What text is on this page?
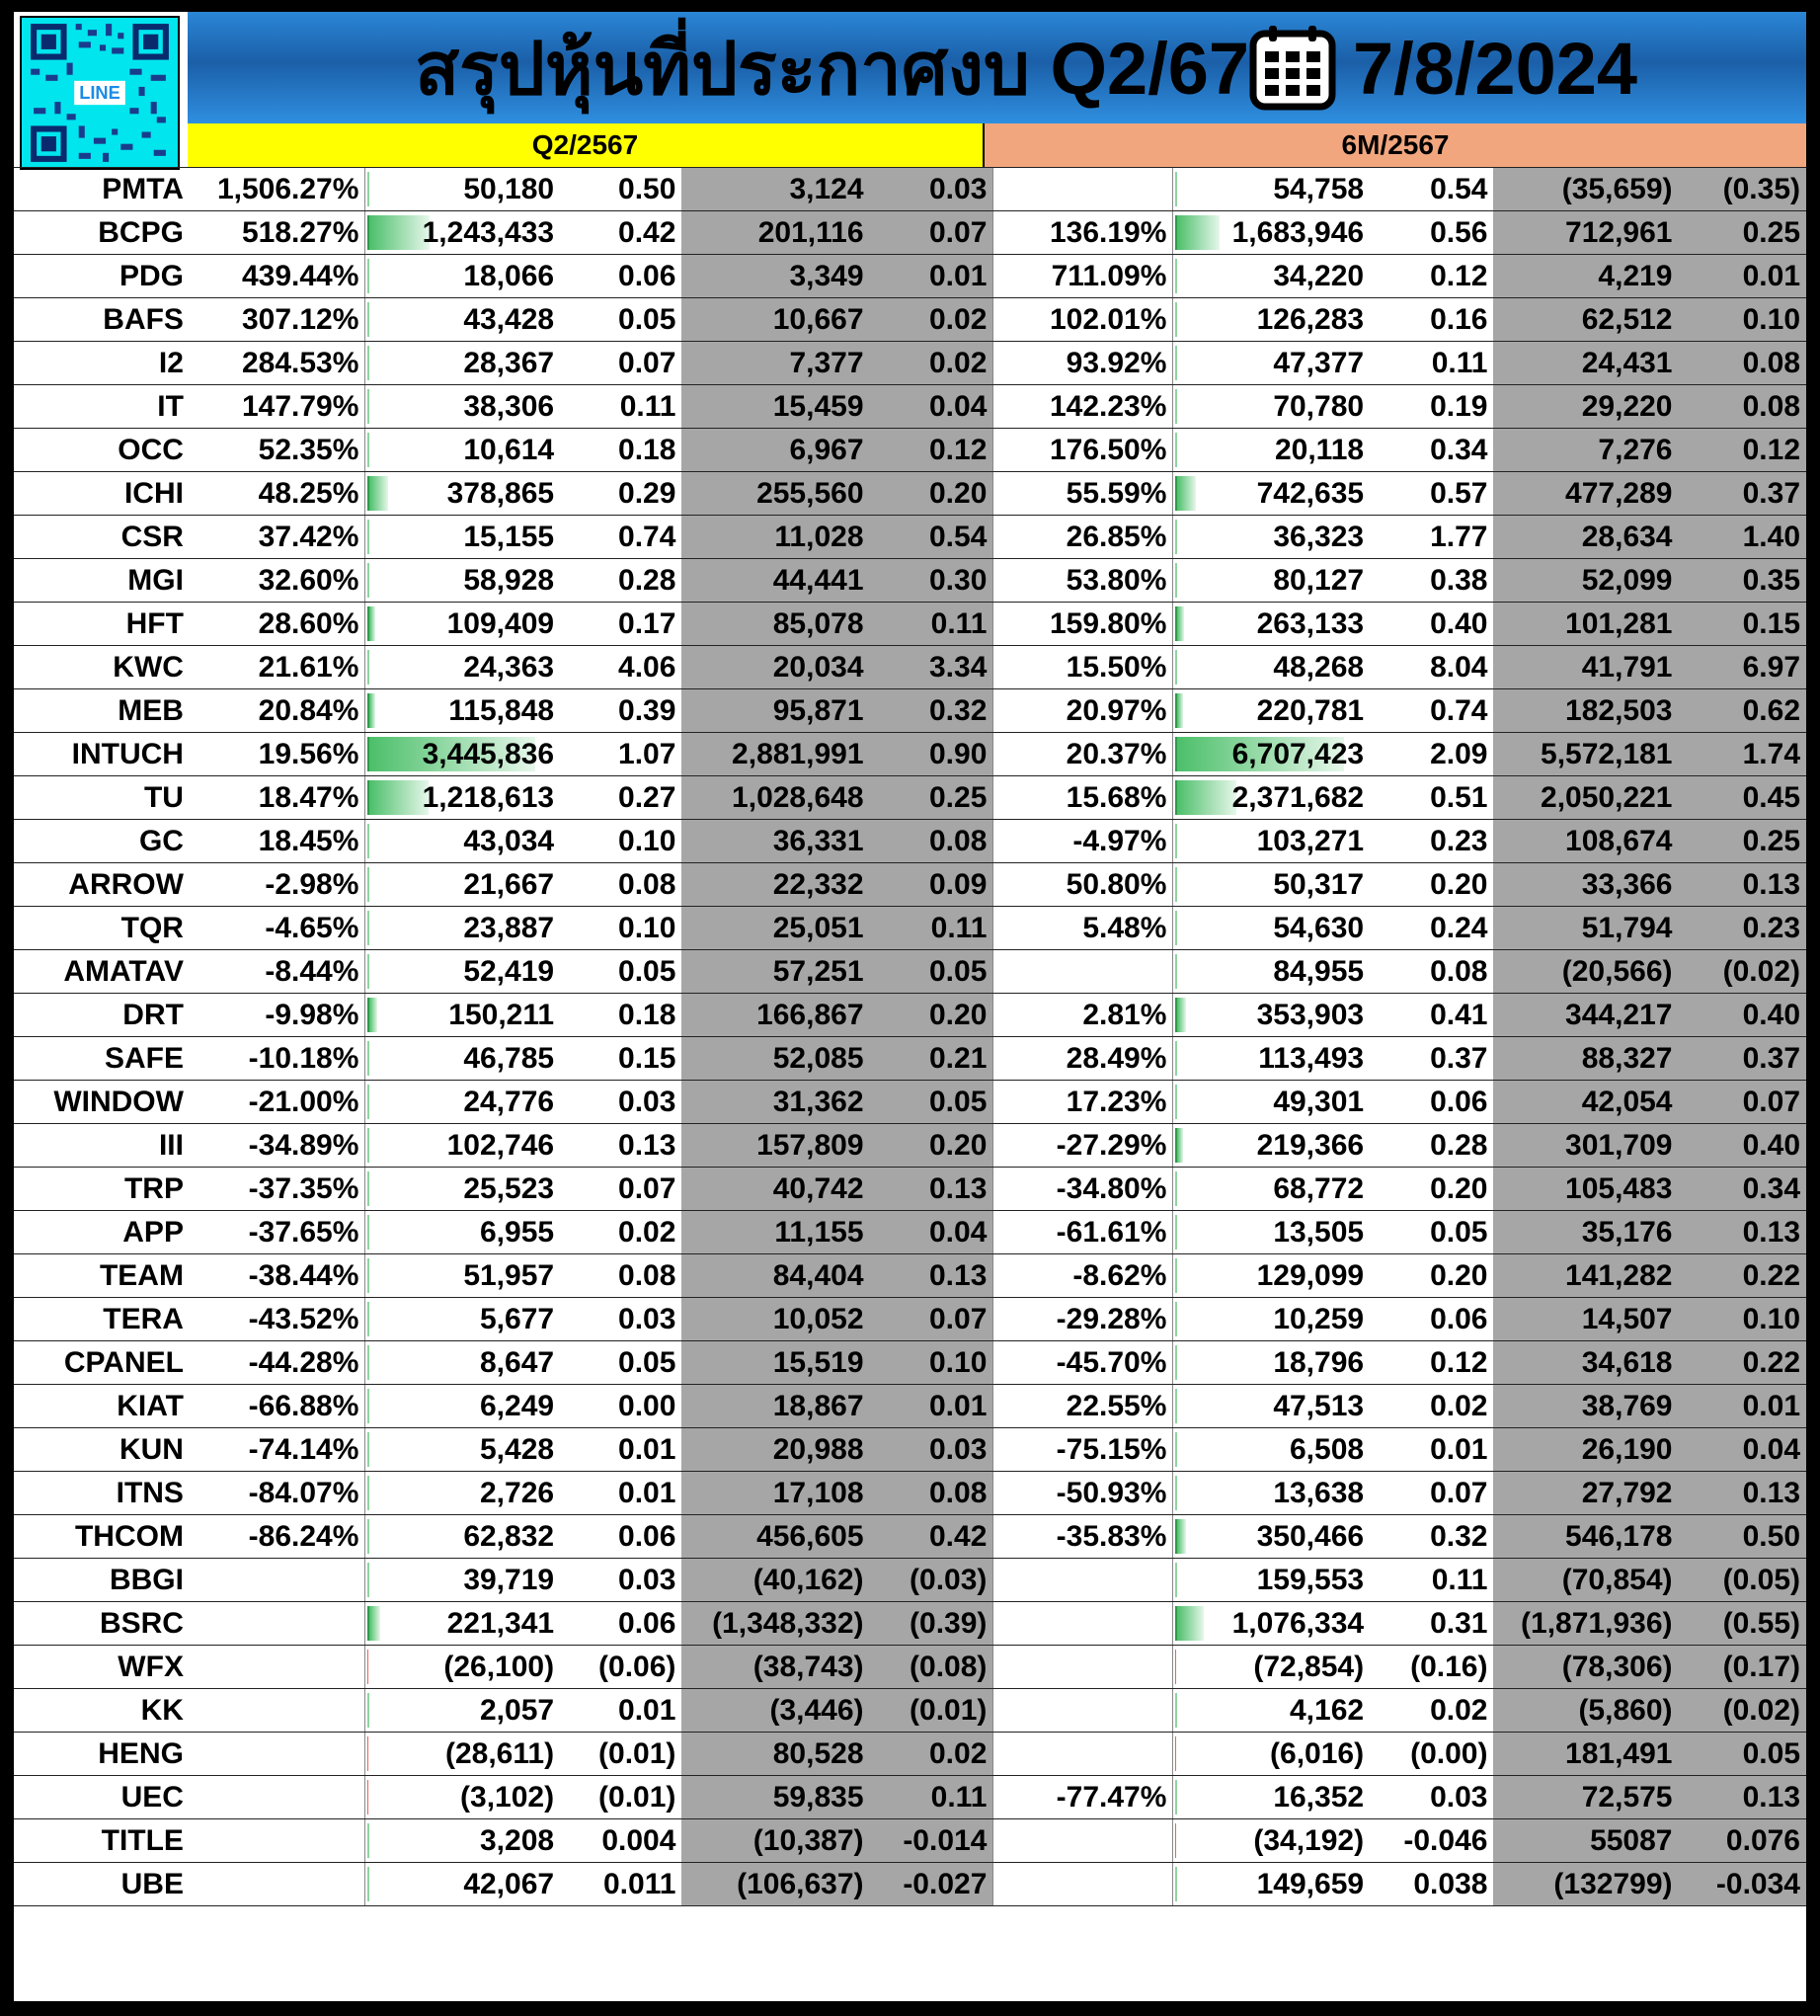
LINE	สรุปหุ้นที่ประกาศงบ Q2/67 7/8/2024
Q2/2567	6M/2567
PMTA	1,506.27%	50,180	0.50	3,124	0.03		54,758	0.54	(35,659)	(0.35)
BCPG	518.27%	1,243,433	0.42	201,116	0.07	136.19%	1,683,946	0.56	712,961	0.25
PDG	439.44%	18,066	0.06	3,349	0.01	711.09%	34,220	0.12	4,219	0.01
BAFS	307.12%	43,428	0.05	10,667	0.02	102.01%	126,283	0.16	62,512	0.10
I2	284.53%	28,367	0.07	7,377	0.02	93.92%	47,377	0.11	24,431	0.08
IT	147.79%	38,306	0.11	15,459	0.04	142.23%	70,780	0.19	29,220	0.08
OCC	52.35%	10,614	0.18	6,967	0.12	176.50%	20,118	0.34	7,276	0.12
ICHI	48.25%	378,865	0.29	255,560	0.20	55.59%	742,635	0.57	477,289	0.37
CSR	37.42%	15,155	0.74	11,028	0.54	26.85%	36,323	1.77	28,634	1.40
MGI	32.60%	58,928	0.28	44,441	0.30	53.80%	80,127	0.38	52,099	0.35
HFT	28.60%	109,409	0.17	85,078	0.11	159.80%	263,133	0.40	101,281	0.15
KWC	21.61%	24,363	4.06	20,034	3.34	15.50%	48,268	8.04	41,791	6.97
MEB	20.84%	115,848	0.39	95,871	0.32	20.97%	220,781	0.74	182,503	0.62
INTUCH	19.56%	3,445,836	1.07	2,881,991	0.90	20.37%	6,707,423	2.09	5,572,181	1.74
TU	18.47%	1,218,613	0.27	1,028,648	0.25	15.68%	2,371,682	0.51	2,050,221	0.45
GC	18.45%	43,034	0.10	36,331	0.08	-4.97%	103,271	0.23	108,674	0.25
ARROW	-2.98%	21,667	0.08	22,332	0.09	50.80%	50,317	0.20	33,366	0.13
TQR	-4.65%	23,887	0.10	25,051	0.11	5.48%	54,630	0.24	51,794	0.23
AMATAV	-8.44%	52,419	0.05	57,251	0.05		84,955	0.08	(20,566)	(0.02)
DRT	-9.98%	150,211	0.18	166,867	0.20	2.81%	353,903	0.41	344,217	0.40
SAFE	-10.18%	46,785	0.15	52,085	0.21	28.49%	113,493	0.37	88,327	0.37
WINDOW	-21.00%	24,776	0.03	31,362	0.05	17.23%	49,301	0.06	42,054	0.07
III	-34.89%	102,746	0.13	157,809	0.20	-27.29%	219,366	0.28	301,709	0.40
TRP	-37.35%	25,523	0.07	40,742	0.13	-34.80%	68,772	0.20	105,483	0.34
APP	-37.65%	6,955	0.02	11,155	0.04	-61.61%	13,505	0.05	35,176	0.13
TEAM	-38.44%	51,957	0.08	84,404	0.13	-8.62%	129,099	0.20	141,282	0.22
TERA	-43.52%	5,677	0.03	10,052	0.07	-29.28%	10,259	0.06	14,507	0.10
CPANEL	-44.28%	8,647	0.05	15,519	0.10	-45.70%	18,796	0.12	34,618	0.22
KIAT	-66.88%	6,249	0.00	18,867	0.01	22.55%	47,513	0.02	38,769	0.01
KUN	-74.14%	5,428	0.01	20,988	0.03	-75.15%	6,508	0.01	26,190	0.04
ITNS	-84.07%	2,726	0.01	17,108	0.08	-50.93%	13,638	0.07	27,792	0.13
THCOM	-86.24%	62,832	0.06	456,605	0.42	-35.83%	350,466	0.32	546,178	0.50
BBGI		39,719	0.03	(40,162)	(0.03)		159,553	0.11	(70,854)	(0.05)
BSRC		221,341	0.06	(1,348,332)	(0.39)		1,076,334	0.31	(1,871,936)	(0.55)
WFX		(26,100)	(0.06)	(38,743)	(0.08)		(72,854)	(0.16)	(78,306)	(0.17)
KK		2,057	0.01	(3,446)	(0.01)		4,162	0.02	(5,860)	(0.02)
HENG		(28,611)	(0.01)	80,528	0.02		(6,016)	(0.00)	181,491	0.05
UEC		(3,102)	(0.01)	59,835	0.11	-77.47%	16,352	0.03	72,575	0.13
TITLE		3,208	0.004	(10,387)	-0.014		(34,192)	-0.046	55087	0.076
UBE		42,067	0.011	(106,637)	-0.027		149,659	0.038	(132799)	-0.034
